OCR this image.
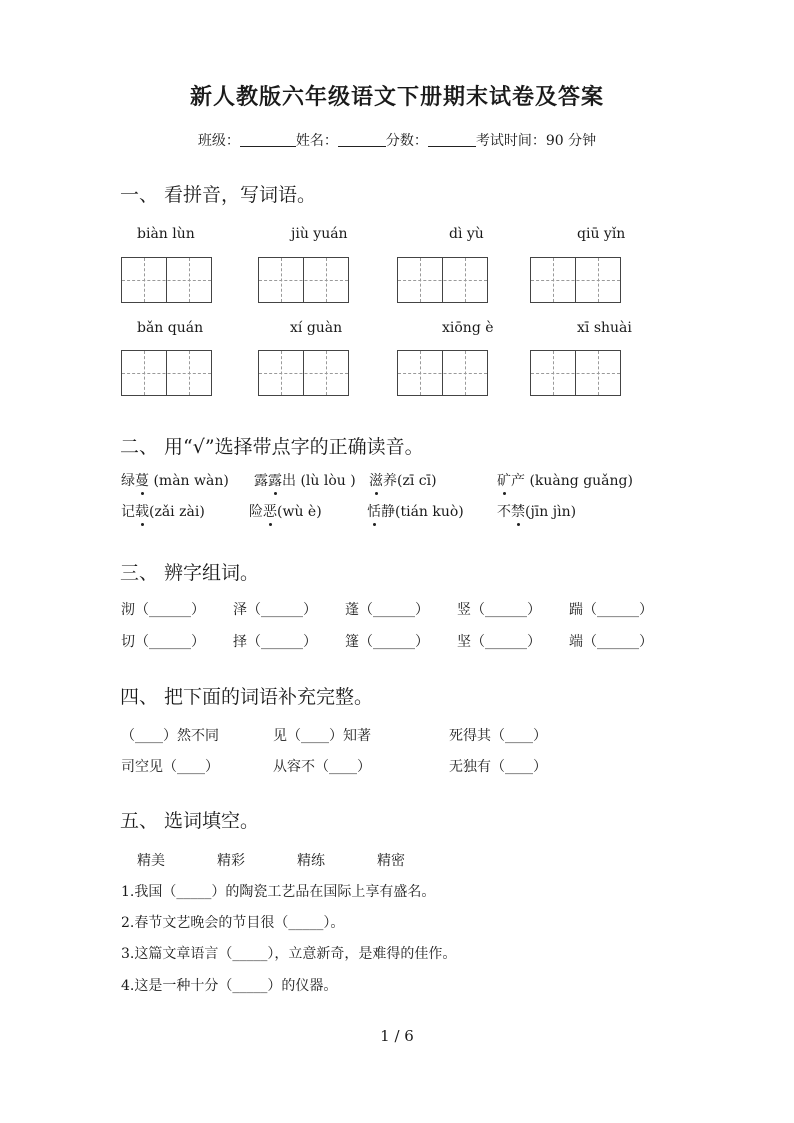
新人教版六年级语文下册期末试卷及答案
班级：	姓名：	分数：	考试时间：90 分钟
一、 看拼音，写词语。
biàn lùn	jiù yuán	dì yù	qiū yǐn
bǎn quán	xí guàn	xiōng è	xī shuài
二、 用“√”选择带点字的正确读音。
绿蔓 (màn wàn) 露露出 (lù lòu ) 滋养(zī cī)	矿产 (kuàng guǎng)
记载(zǎi zài)	险恶(wù è)	恬静(tián kuò) 不禁(jīn jìn)
三、 辨字组词。
沏（______） 泽（______） 蓬（______） 竖（______） 踹（______）
切（______） 择（______） 篷（______） 坚（______） 端（______）
四、 把下面的词语补充完整。
（____）然不同	见（____）知著	死得其（____）
司空见（____）	从容不（____）	无独有（____）
五、 选词填空。
精美	精彩	精练	精密
1.我国（_____）的陶瓷工艺品在国际上享有盛名。
2.春节文艺晚会的节目很（_____）。
3.这篇文章语言（_____），立意新奇，是难得的佳作。
4.这是一种十分（_____）的仪器。
1 / 6
